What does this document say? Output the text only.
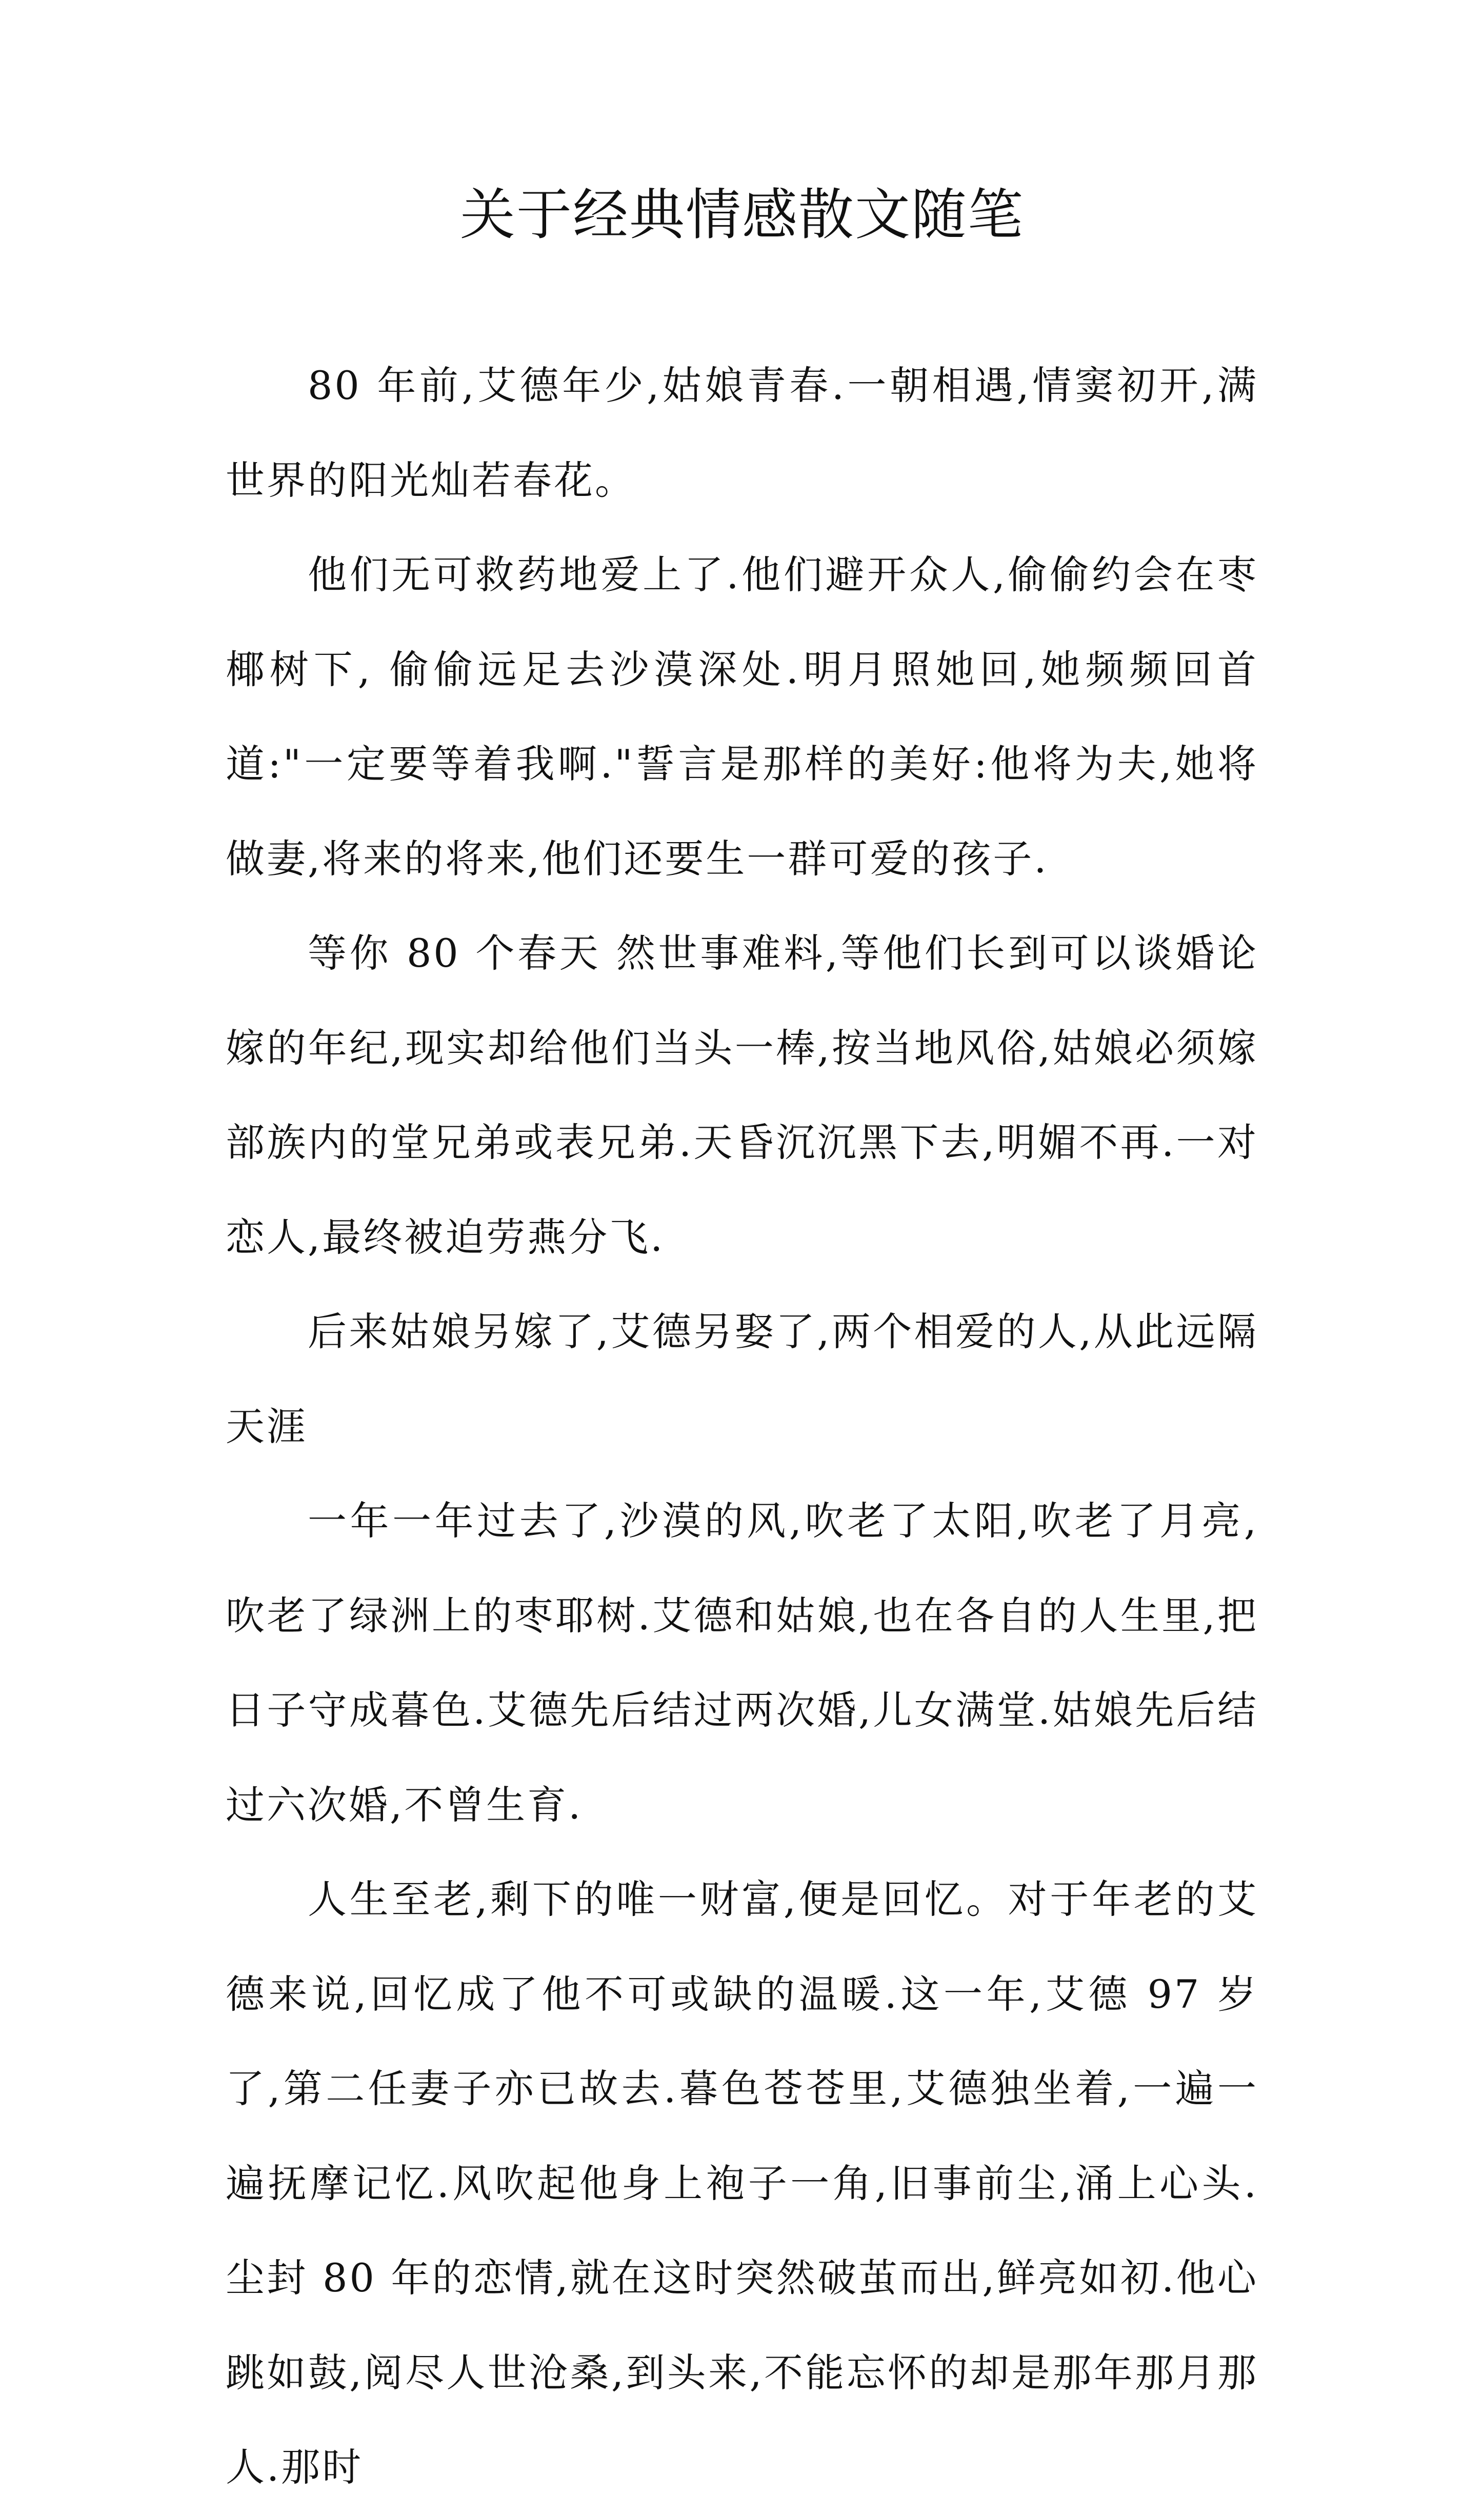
关于经典情感散文随笔

80 年前,艾德年少,姑娘青春.一朝相遇,情窦初开,满世界的阳光灿若春花。

他们无可救药地爱上了.他们避开众人,偷偷约会在枣椰树下, 偷偷远足去沙漠深处.明月照她回,她频频回首道:"一定要等着我啊."誓言是那样的美好:他将为夫,她将做妻,将来的将来,他们还要生一群可爱的孩子.

等你 80 个春天 然世事难料,等他们长到可以谈婚论嫁的年纪,现实却给他们当头一棒,按当地风俗,姑娘必须嫁部族内的堂兄弟或表兄弟.天昏沉沉黑下去,明媚不再.一对恋人,最终被迫劳燕分飞.

后来姑娘另嫁了,艾德另娶了,两个相爱的人,从此远隔天涯

一年一年过去了,沙漠的风,吹老了太阳,吹老了月亮,吹老了绿洲上的枣耶树.艾德和姑娘,也在各自的人生里,把日子守成暮色.艾德先后结过两次婚,儿女满堂.姑娘先后结过六次婚,不曾生育.

人生至老,剩下的唯一财富,便是回忆。对于年老的艾德来说,回忆成了他不可或缺的温暖.这一年,艾德 97 岁了,第二任妻子亦已故去.暮色苍苍里,艾德独坐着,一遍一遍抚摩记忆.风吹起他身上袍子一角,旧事前尘,涌上心头.尘封 80 年的恋情,就在这时突然破茧而出,鲜亮如初.他心跳如鼓,阅尽人世沧桑,到头来,不能忘怀的却是那年那月那人.那时
